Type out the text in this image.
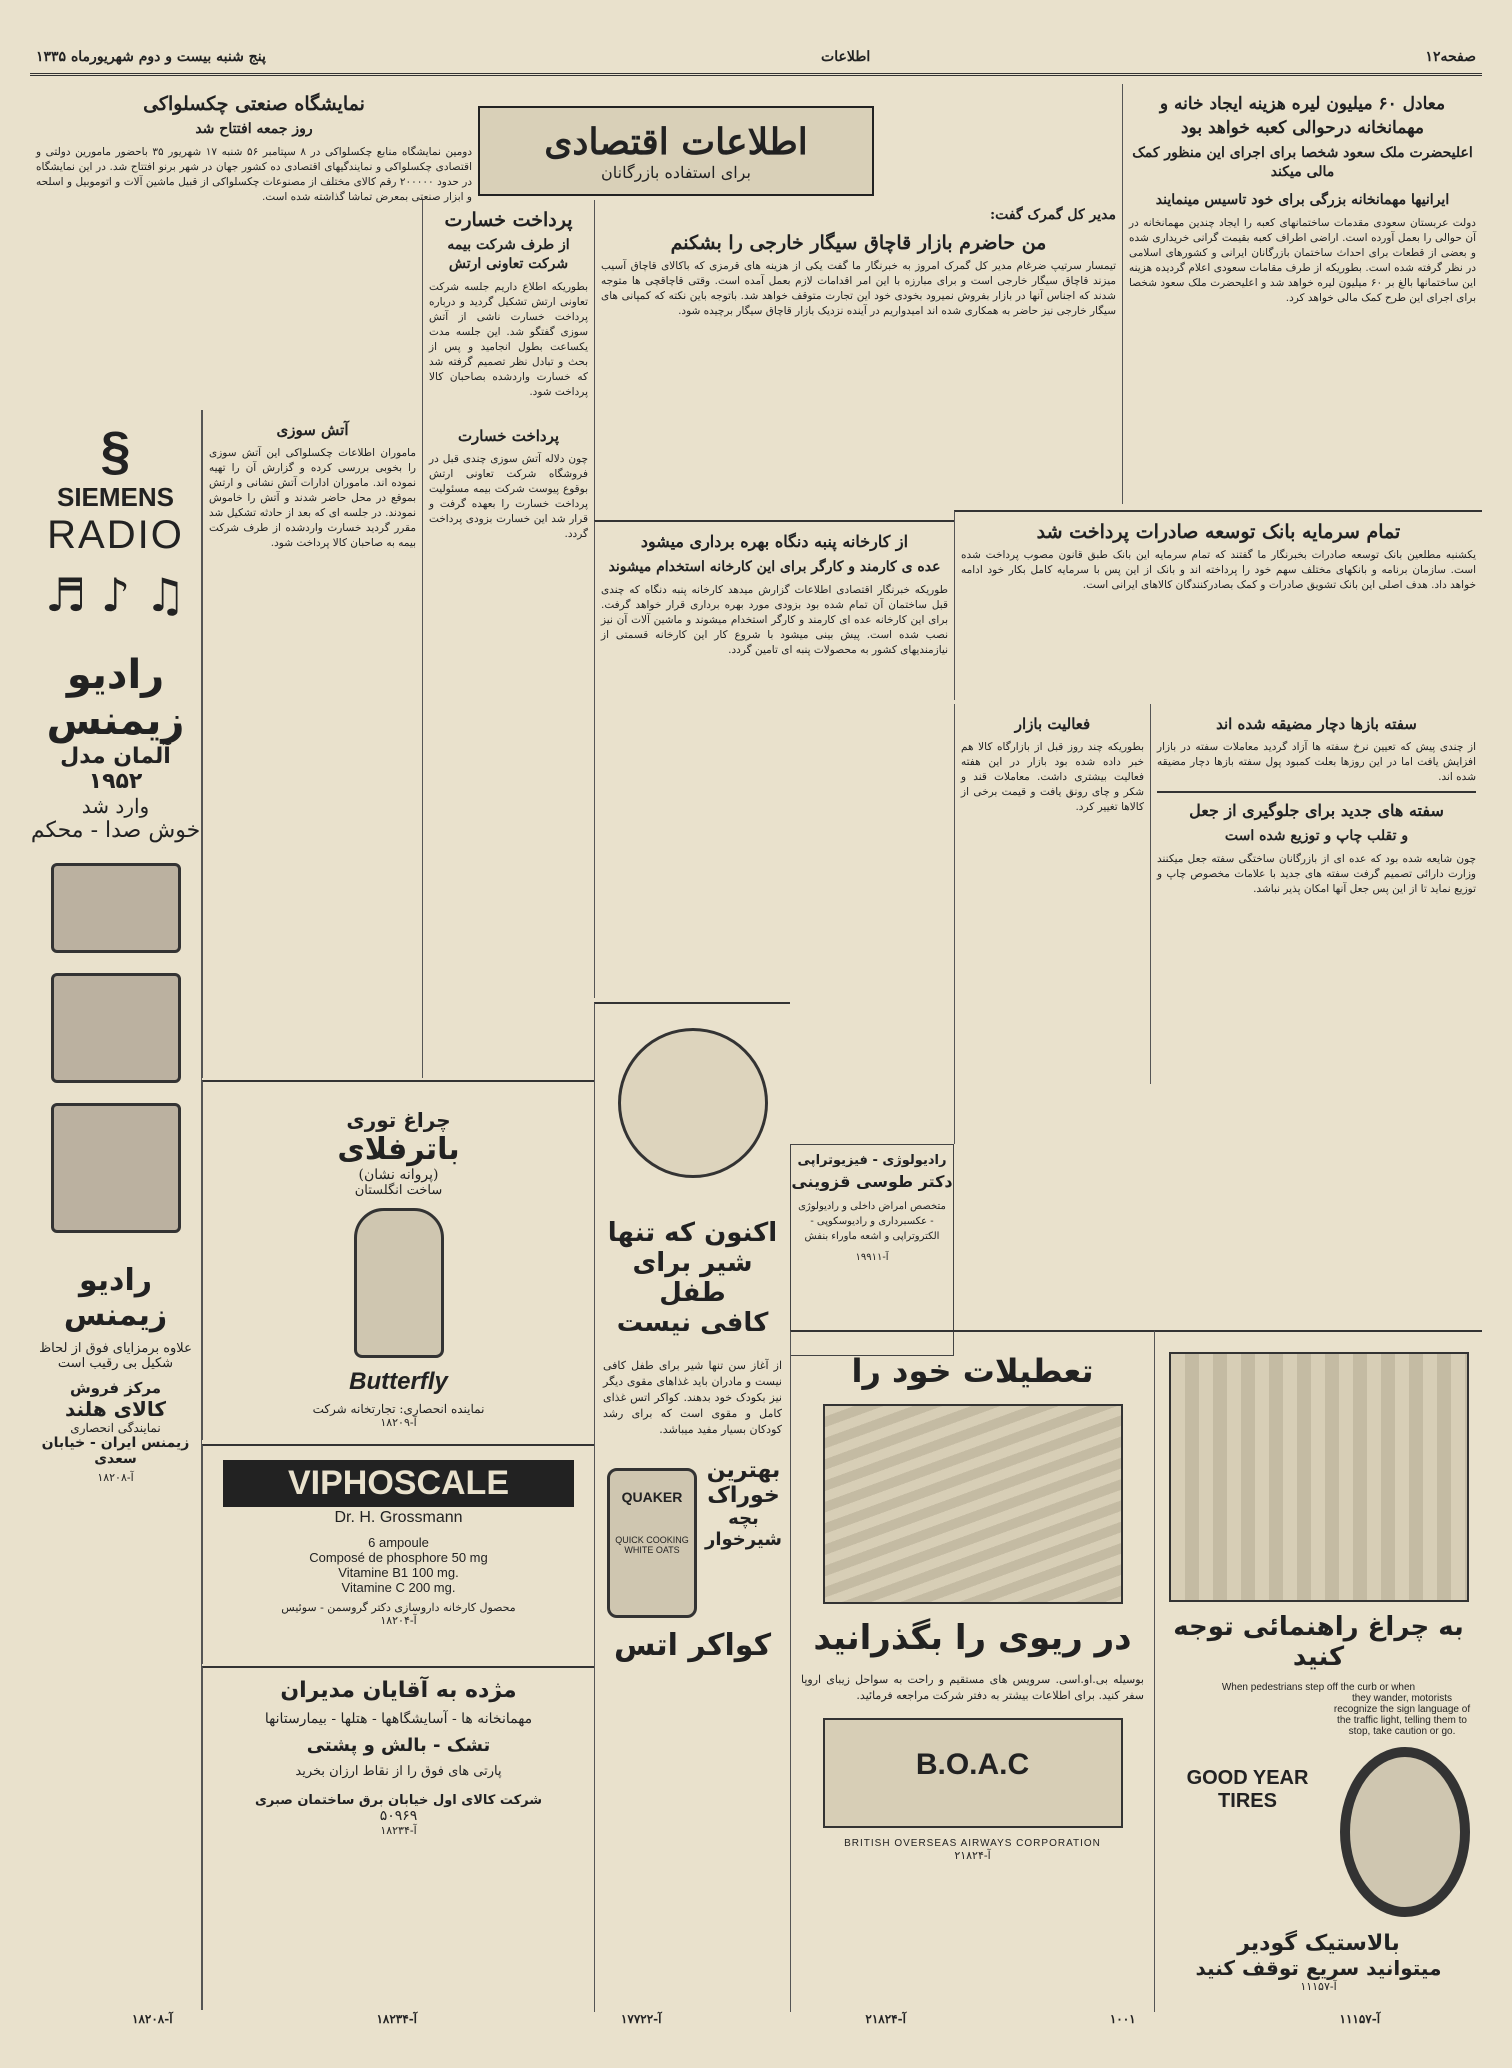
پنج شنبه بیست و دوم شهریورماه ۱۳۳۵	اطلاعات	صفحه۱۲
اطلاعات اقتصادی
برای استفاده بازرگانان
معادل ۶۰ میلیون لیره هزینه ایجاد خانه و مهمانخانه درحوالی کعبه خواهد بود
اعلیحضرت ملک سعود شخصا برای اجرای این منظور کمک مالی میکند
ایرانیها مهمانخانه بزرگی برای خود تاسیس مینمایند

دولت عربستان سعودی مقدمات ساختمانهای کعبه را ایجاد چندین مهمانخانه در آن حوالی را بعمل آورده است. اراضی اطراف کعبه بقیمت گرانی خریداری شده و بعضی از قطعات برای احداث ساختمان بازرگانان ایرانی و کشورهای اسلامی در نظر گرفته شده است. بطوریکه از طرف مقامات سعودی اعلام گردیده هزینه این ساختمانها بالغ بر ۶۰ میلیون لیره خواهد شد و اعلیحضرت ملک سعود شخصا برای اجرای این طرح کمک مالی خواهد کرد.

مدیر کل گمرک گفت:
من حاضرم بازار قاچاق سیگار خارجی را بشکنم

تیمسار سرتیپ ضرغام مدیر کل گمرک امروز به خبرنگار ما گفت یکی از هزینه های قرمزی که باکالای قاچاق آسیب میزند قاچاق سیگار خارجی است و برای مبارزه با این امر اقدامات لازم بعمل آمده است. وقتی قاچاقچی ها متوجه شدند که اجناس آنها در بازار بفروش نمیرود بخودی خود این تجارت متوقف خواهد شد. باتوجه باین نکته که کمپانی های سیگار خارجی نیز حاضر به همکاری شده اند امیدواریم در آینده نزدیک بازار قاچاق سیگار برچیده شود.

پرداخت خسارت
از طرف شرکت بیمه شرکت تعاونی ارتش

بطوریکه اطلاع داریم جلسه شرکت تعاونی ارتش تشکیل گردید و درباره پرداخت خسارت ناشی از آتش سوزی گفتگو شد. این جلسه مدت یکساعت بطول انجامید و پس از بحث و تبادل نظر تصمیم گرفته شد که خسارت واردشده بصاحبان کالا پرداخت شود.

نمایشگاه صنعتی چکسلواکی
روز جمعه افتتاح شد

دومین نمایشگاه منابع چکسلواکی در ۸ سپتامبر ۵۶ شنبه ۱۷ شهریور ۳۵ باحضور مامورین دولتی و اقتصادی چکسلواکی و نمایندگیهای اقتصادی ده کشور جهان در شهر برنو افتتاح شد. در این نمایشگاه در حدود ۲۰۰۰۰۰ رقم کالای مختلف از مصنوعات چکسلواکی از قبیل ماشین آلات و اتوموبیل و اسلحه و ابزار صنعتی بمعرض تماشا گذاشته شده است.

§
SIEMENS
RADIO
♫ ♪ ♬
رادیو
زیمنس
آلمان مدل ۱۹۵۲
وارد شد
خوش صدا - محکم
رادیو زیمنس
علاوه برمزایای فوق از لحاظ شکیل بی رقیب است
مرکز فروش
کالای هلند
نمایندگی انحصاری
زیمنس ایران - خیابان سعدی
آ-۱۸۲۰۸
آتش سوزی

ماموران اطلاعات چکسلواکی این آتش سوزی را بخوبی بررسی کرده و گزارش آن را تهیه نموده اند. ماموران ادارات آتش نشانی و ارتش بموقع در محل حاضر شدند و آتش را خاموش نمودند. در جلسه ای که بعد از حادثه تشکیل شد مقرر گردید خسارت واردشده از طرف شرکت بیمه به صاحبان کالا پرداخت شود.

پرداخت خسارت

چون دلاله آتش سوزی چندی قبل در فروشگاه شرکت تعاونی ارتش بوقوع پیوست شرکت بیمه مسئولیت پرداخت خسارت را بعهده گرفت و قرار شد این خسارت بزودی پرداخت گردد.	از کارخانه پنبه دنگاه بهره برداری میشود
عده ی کارمند و کارگر برای این کارخانه استخدام میشوند

طوریکه خبرنگار اقتصادی اطلاعات گزارش میدهد کارخانه پنبه دنگاه که چندی قبل ساختمان آن تمام شده بود بزودی مورد بهره برداری قرار خواهد گرفت. برای این کارخانه عده ای کارمند و کارگر استخدام میشوند و ماشین آلات آن نیز نصب شده است. پیش بینی میشود با شروع کار این کارخانه قسمتی از نیازمندیهای کشور به محصولات پنبه ای تامین گردد.

تمام سرمایه بانک توسعه صادرات پرداخت شد

یکشنبه مطلعین بانک توسعه صادرات بخبرنگار ما گفتند که تمام سرمایه این بانک طبق قانون مصوب پرداخت شده است. سازمان برنامه و بانکهای مختلف سهم خود را پرداخته اند و بانک از این پس با سرمایه کامل بکار خود ادامه خواهد داد. هدف اصلی این بانک تشویق صادرات و کمک بصادرکنندگان کالاهای ایرانی است.

فعالیت بازار

بطوریکه چند روز قبل از بازارگاه کالا هم خبر داده شده بود بازار در این هفته فعالیت بیشتری داشت. معاملات قند و شکر و چای رونق یافت و قیمت برخی از کالاها تغییر کرد.

سفته بازها دچار مضیقه شده اند

از چندی پیش که تعیین نرخ سفته ها آزاد گردید معاملات سفته در بازار افزایش یافت اما در این روزها بعلت کمبود پول سفته بازها دچار مضیقه شده اند.

سفته های جدید برای جلوگیری از جعل
و تقلب چاپ و توزیع شده است

چون شایعه شده بود که عده ای از بازرگانان ساختگی سفته جعل میکنند وزارت دارائی تصمیم گرفت سفته های جدید با علامات مخصوص چاپ و توزیع نماید تا از این پس جعل آنها امکان پذیر نباشد.

چراغ توری
باترفلای
(پروانه نشان)
ساخت انگلستان
Butterfly
نماینده انحصاری: تجارتخانه شرکت
آ-۱۸۲۰۹
VIPHOSCALE
Dr. H. Grossmann
6 ampoule
Composé de phosphore 50 mg
Vitamine B1 100 mg.
Vitamine C 200 mg.
محصول کارخانه داروسازی دکتر گروسمن - سوئیس
آ-۱۸۲۰۴
مژده به آقایان مدیران
مهمانخانه ها - آسایشگاهها - هتلها - بیمارستانها
تشک - بالش و پشتی
پارتی های فوق را از نقاط ارزان بخرید
شرکت کالای اول خیابان برق ساختمان صبری
۵۰۹۶۹
آ-۱۸۲۳۴
اکنون که تنها
شیر برای طفل
کافی نیست

از آغاز سن تنها شیر برای طفل کافی نیست و مادران باید غذاهای مقوی دیگر نیز بکودک خود بدهند. کواکر اتس غذای کامل و مقوی است که برای رشد کودکان بسیار مفید میباشد.

QUAKER
QUICK COOKING WHITE OATS
بهترین
خوراک
بچه شیرخوار
کواکر اتس
رادیولوژی - فیزیوتراپی
دکتر طوسی قزوینی

متخصص امراض داخلی و رادیولوژی - عکسبرداری و رادیوسکوپی - الکتروتراپی و اشعه ماوراء بنفش

آ-۱۹۹۱۱
تعطیلات خود را
در ریوی را بگذرانید

بوسیله بی.او.اسی. سرویس های مستقیم و راحت به سواحل زیبای اروپا سفر کنید. برای اطلاعات بیشتر به دفتر شرکت مراجعه فرمائید.

B.O.A.C
BRITISH OVERSEAS AIRWAYS CORPORATION
آ-۲۱۸۲۴
به چراغ راهنمائی توجه کنید
When pedestrians step off the curb or when
they wander, motorists recognize the sign language of the traffic light, telling them to stop, take caution or go.
GOOD YEAR TIRES
بالاستیک گودیر
میتوانید سریع توقف کنید
آ-۱۱۱۵۷
آ-۱۱۱۵۷
۱۰۰۱
آ-۲۱۸۲۴
آ-۱۷۷۲۲
آ-۱۸۲۳۴
آ-۱۸۲۰۸
